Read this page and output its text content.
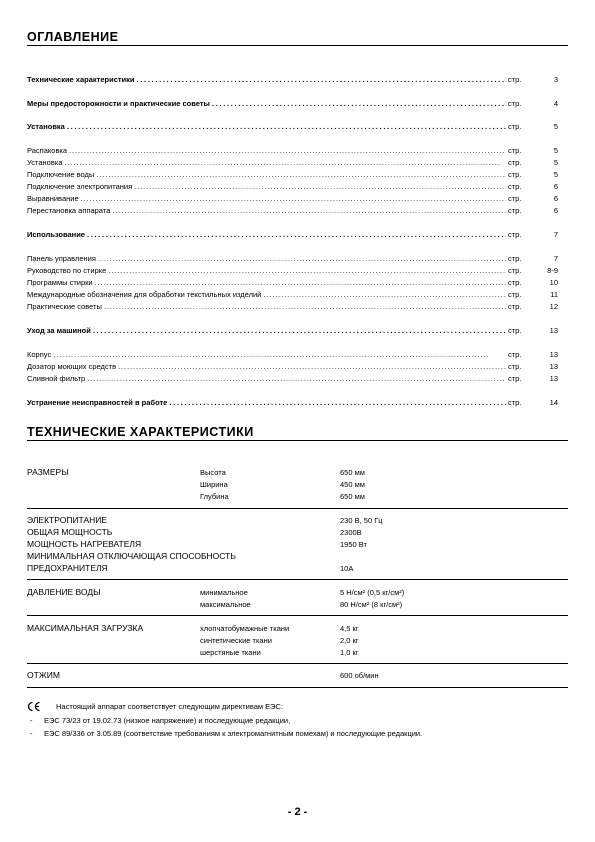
ОГЛАВЛЕНИЕ
Технические характеристики . . .	стр.	3
Меры предосторожности и практические советы . . .	стр.	4
Установка . . .	стр.	5
Распаковка . . .	стр.	5
Установка . . .	стр.	5
Подключение воды . . .	стр.	5
Подключение электропитания . . .	стр.	6
Выравнивание . . .	стр.	6
Перестановка аппарата . . .	стр.	6
Использование . . .	стр.	7
Панель управления . . .	стр.	7
Руководство по стирке . . .	стр.	8-9
Программы стирки . . .	стр.	10
Международные обозначения для обработки текстильных изделий . . .	стр.	11
Практические советы . . .	стр.	12
Уход за машиной . . .	стр.	13
Корпус . . .	стр.	13
Дозатор моющих средств . . .	стр.	13
Сливной фильтр . . .	стр.	13
Устранение неисправностей в работе . . .	стр.	14
ТЕХНИЧЕСКИЕ ХАРАКТЕРИСТИКИ
РАЗМЕРЫ	Высота	650 мм
Ширина	450 мм
Глубина	650 мм
ЭЛЕКТРОПИТАНИЕ	230 В, 50 Гц
ОБЩАЯ МОЩНОСТЬ	2300В
МОЩНОСТЬ НАГРЕВАТЕЛЯ	1950 Вт
МИНИМАЛЬНАЯ ОТКЛЮЧАЮЩАЯ СПОСОБНОСТЬ
ПРЕДОХРАНИТЕЛЯ	10А
ДАВЛЕНИЕ ВОДЫ	минимальное	5 Н/см² (0,5 кг/см²)
максимальное	80 Н/см² (8 кг/см²)
МАКСИМАЛЬНАЯ ЗАГРУЗКА	хлопчатобумажные ткани	4,5 кг
синтетические ткани	2,0 кг
шерстяные ткани	1,0 кг
ОТЖИМ	600 об/мин
Настоящий аппарат соответствует следующим директивам ЕЭС:
- ЕЭС 73/23 от 19.02.73 (низкое напряжение) и последующие редакции,
- ЕЭС 89/336 от 3.05.89 (соответствие требованиям к электромагнитным помехам) и последующие редакции.
- 2 -
